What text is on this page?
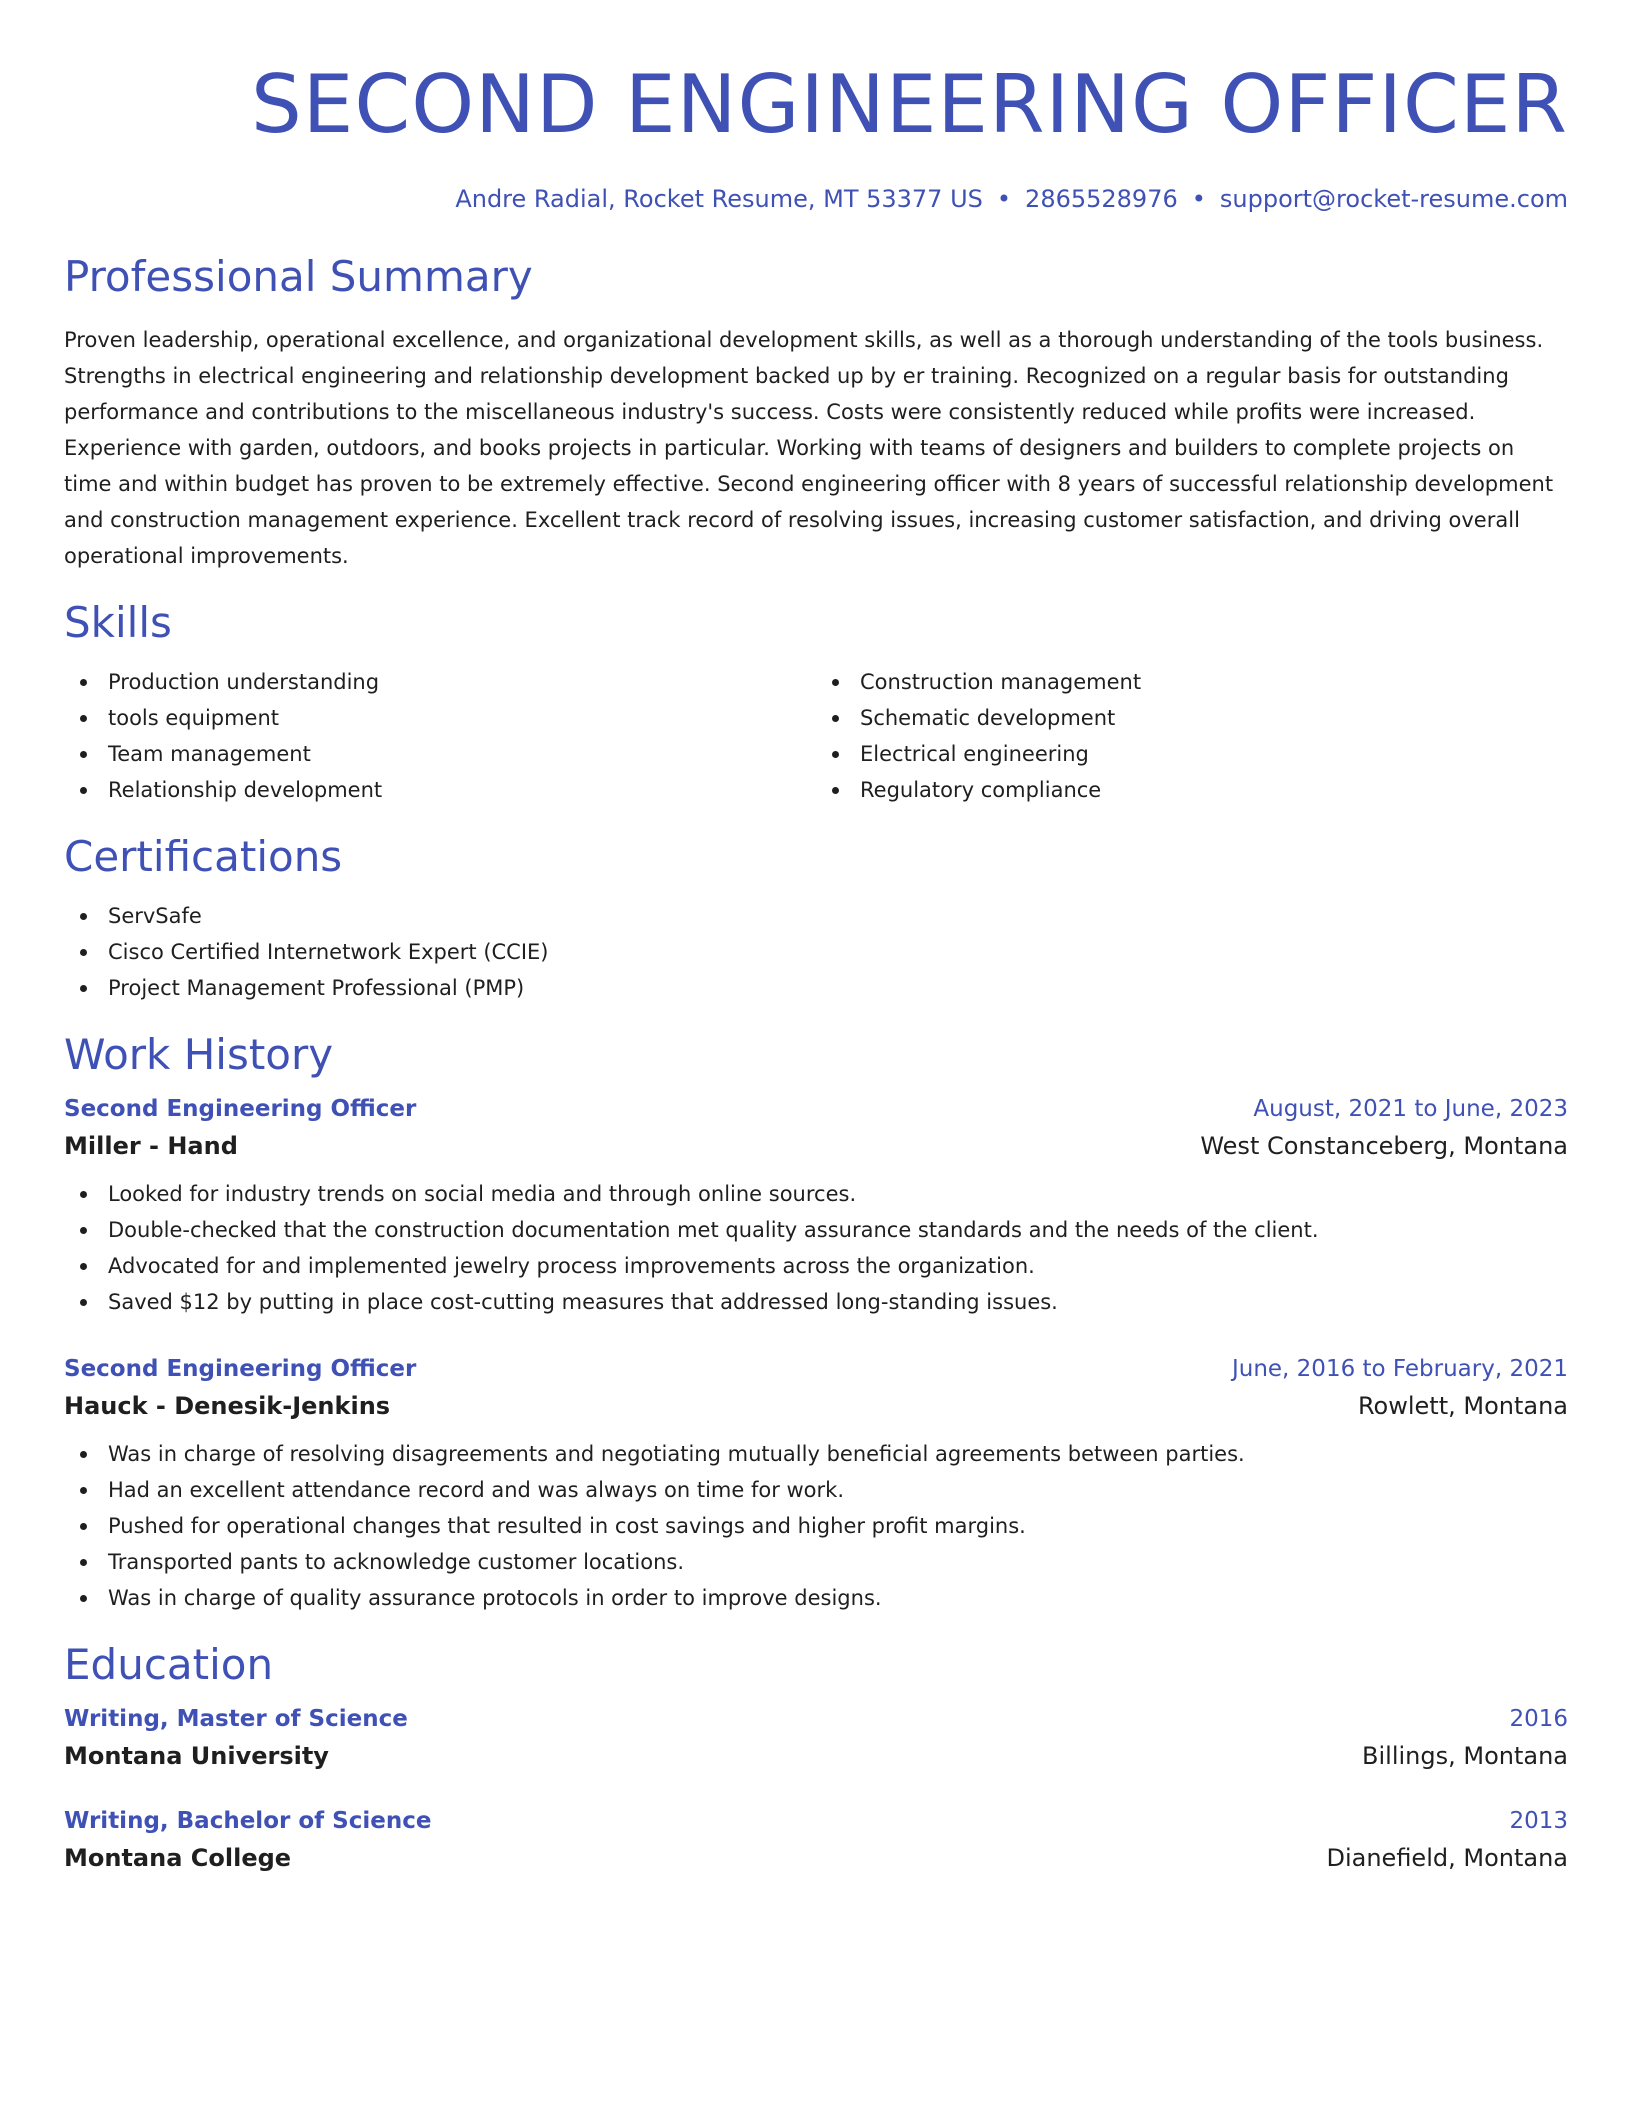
SECOND ENGINEERING OFFICER
Andre Radial, Rocket Resume, MT 53377 US • 2865528976 • support@rocket-resume.com
Professional Summary

Proven leadership, operational excellence, and organizational development skills, as well as a thorough understanding of the tools business. Strengths in electrical engineering and relationship development backed up by er training. Recognized on a regular basis for outstanding performance and contributions to the miscellaneous industry's success. Costs were consistently reduced while profits were increased. Experience with garden, outdoors, and books projects in particular. Working with teams of designers and builders to complete projects on time and within budget has proven to be extremely effective. Second engineering officer with 8 years of successful relationship development and construction management experience. Excellent track record of resolving issues, increasing customer satisfaction, and driving overall operational improvements.

Skills
Production understanding
tools equipment
Team management
Relationship development
Construction management
Schematic development
Electrical engineering
Regulatory compliance
Certifications
ServSafe
Cisco Certified Internetwork Expert (CCIE)
Project Management Professional (PMP)
Work History
Second Engineering Officer	August, 2021 to June, 2023
Miller - Hand	West Constanceberg, Montana
Looked for industry trends on social media and through online sources.
Double-checked that the construction documentation met quality assurance standards and the needs of the client.
Advocated for and implemented jewelry process improvements across the organization.
Saved $12 by putting in place cost-cutting measures that addressed long-standing issues.
Second Engineering Officer	June, 2016 to February, 2021
Hauck - Denesik-Jenkins	Rowlett, Montana
Was in charge of resolving disagreements and negotiating mutually beneficial agreements between parties.
Had an excellent attendance record and was always on time for work.
Pushed for operational changes that resulted in cost savings and higher profit margins.
Transported pants to acknowledge customer locations.
Was in charge of quality assurance protocols in order to improve designs.
Education
Writing, Master of Science	2016
Montana University	Billings, Montana
Writing, Bachelor of Science	2013
Montana College	Dianefield, Montana
